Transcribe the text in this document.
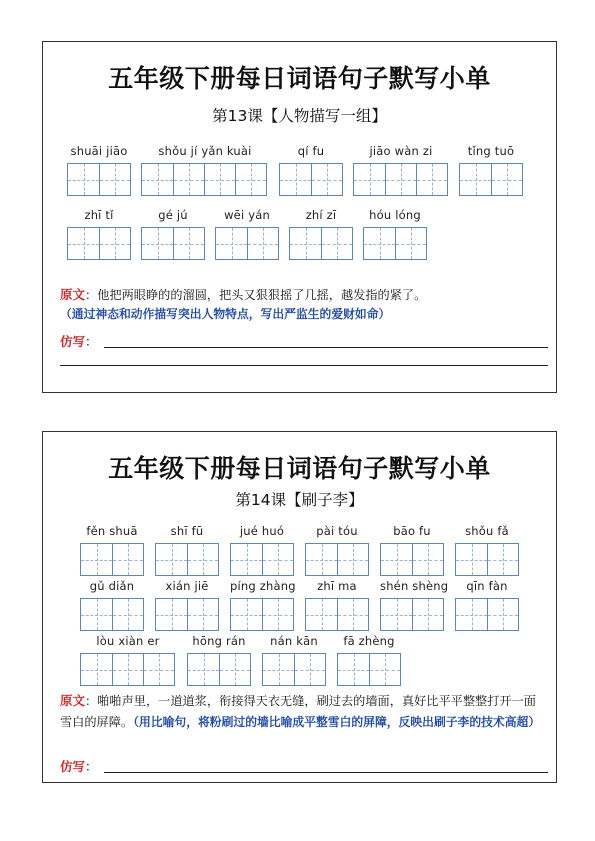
五年级下册每日词语句子默写小单
第13课【人物描写一组】
shuāi jiāo	shǒu jí yǎn kuài	qí fu	jiāo wàn zi	tǐng tuō
zhī tǐ	gé jú	wēi yán	zhí zī	hóu lóng
原文：他把两眼睁的的溜圆，把头又狠狠摇了几摇，越发指的紧了。
（通过神态和动作描写突出人物特点，写出严监生的爱财如命）
仿写：
五年级下册每日词语句子默写小单
第14课【刷子李】
fěn shuā	shī fū	jué huó	pài tóu	bāo fu	shǒu fǎ
gǔ diǎn	xián jiē	píng zhàng	zhī ma	shén shèng	qīn fàn
lòu xiàn er	hōng rán	nán kān	fā zhèng
原文：啪啪声里，一道道浆，衔接得天衣无缝，刷过去的墙面，真好比平平整整打开一面雪白的屏障。（用比喻句，将粉刷过的墙比喻成平整雪白的屏障，反映出刷子李的技术高超）
仿写：
